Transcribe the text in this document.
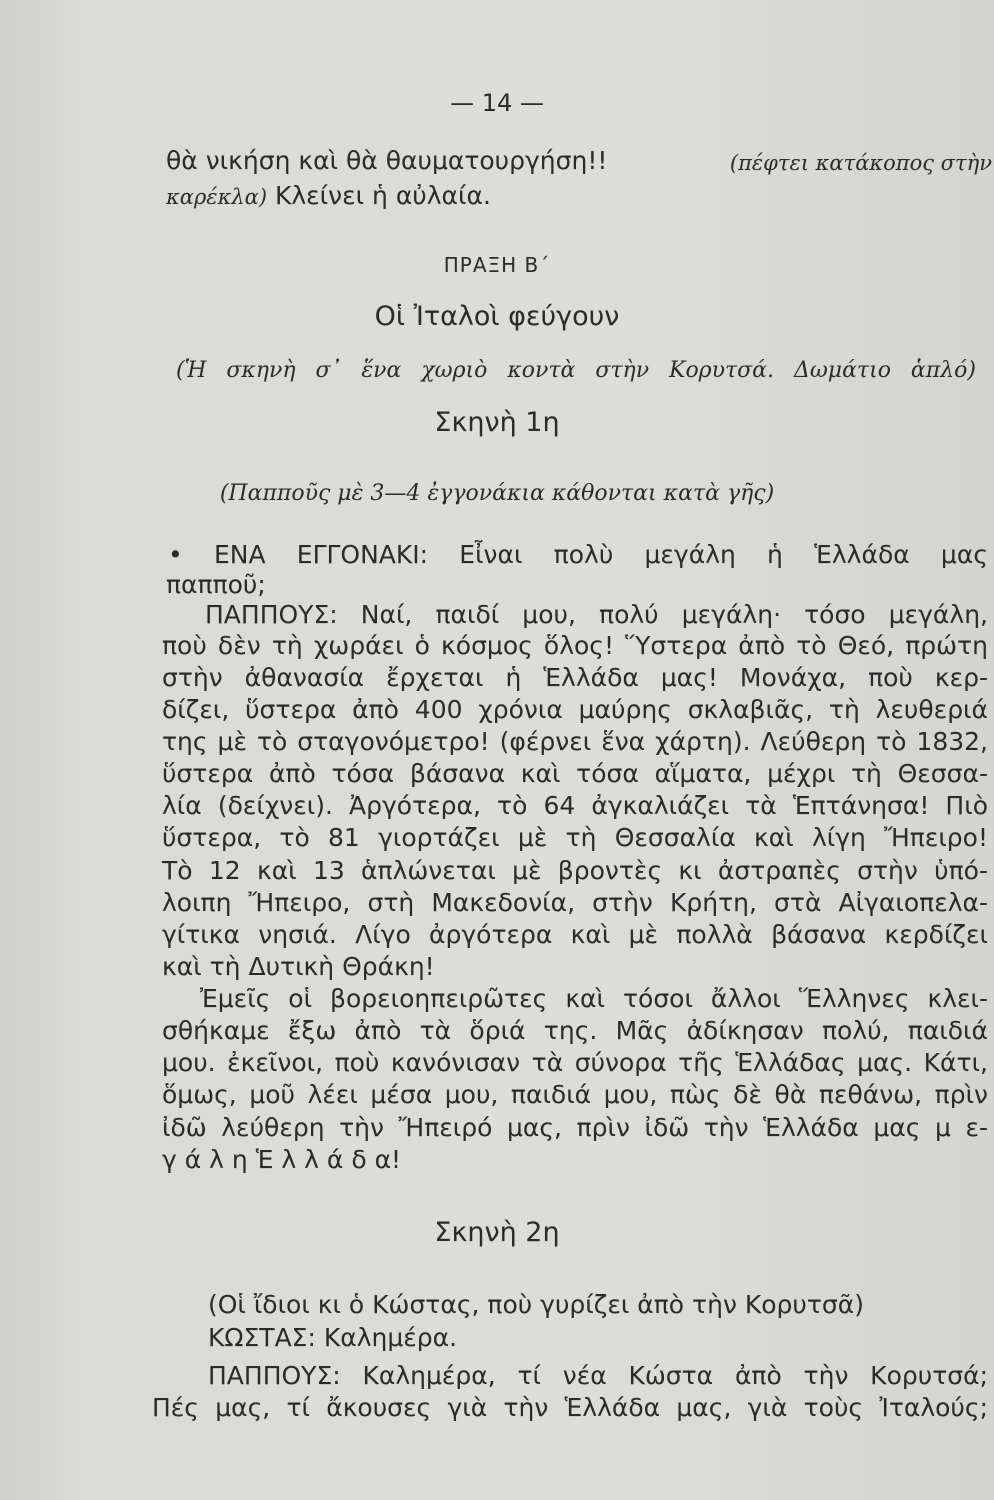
— 14 —
θὰ νικήση καὶ θὰ θαυματουργήση!!	(πέφτει κατάκοπος στὴν
καρέκλα) Κλείνει ἡ αὐλαία.
ΠΡΑΞΗ Β΄
Οἱ Ἰταλοὶ φεύγουν
(Ἡ σκηνὴ σ᾽ ἕνα χωριὸ κοντὰ στὴν Κορυτσά. Δωμάτιο ἁπλό)
Σκηνὴ 1η
(Παπποῦς μὲ 3—4 ἐγγονάκια κάθονται κατὰ γῆς)
• ΕΝΑ ΕΓΓΟΝΑΚΙ: Εἶναι πολὺ μεγάλη ἡ Ἑλλάδα μας
παπποῦ;
ΠΑΠΠΟΥΣ: Ναί, παιδί μου, πολύ μεγάλη· τόσο μεγάλη,
ποὺ δὲν τὴ χωράει ὁ κόσμος ὅλος! Ὕστερα ἀπὸ τὸ Θεό, πρώτη
στὴν ἀθανασία ἔρχεται ἡ Ἑλλάδα μας! Μονάχα, ποὺ κερ-
δίζει, ὕστερα ἀπὸ 400 χρόνια μαύρης σκλαβιᾶς, τὴ λευθεριά
της μὲ τὸ σταγονόμετρο! (φέρνει ἕνα χάρτη). Λεύθερη τὸ 1832,
ὕστερα ἀπὸ τόσα βάσανα καὶ τόσα αἵματα, μέχρι τὴ Θεσσα-
λία (δείχνει). Ἀργότερα, τὸ 64 ἀγκαλιάζει τὰ Ἑπτάνησα! Πιὸ
ὕστερα, τὸ 81 γιορτάζει μὲ τὴ Θεσσαλία καὶ λίγη Ἤπειρο!
Τὸ 12 καὶ 13 ἁπλώνεται μὲ βροντὲς κι ἀστραπὲς στὴν ὑπό-
λοιπη Ἤπειρο, στὴ Μακεδονία, στὴν Κρήτη, στὰ Αἰγαιοπελα-
γίτικα νησιά. Λίγο ἀργότερα καὶ μὲ πολλὰ βάσανα κερδίζει
καὶ τὴ Δυτικὴ Θράκη!
Ἐμεῖς οἱ βορειοηπειρῶτες καὶ τόσοι ἄλλοι Ἕλληνες κλει-
σθήκαμε ἔξω ἀπὸ τὰ ὅριά της. Μᾶς ἀδίκησαν πολύ, παιδιά
μου. ἐκεῖνοι, ποὺ κανόνισαν τὰ σύνορα τῆς Ἑλλάδας μας. Κάτι,
ὅμως, μοῦ λέει μέσα μου, παιδιά μου, πὼς δὲ θὰ πεθάνω, πρὶν
ἰδῶ λεύθερη τὴν Ἤπειρό μας, πρὶν ἰδῶ τὴν Ἑλλάδα μας μ ε-
γ ά λ η Ἑ λ λ ά δ α!
Σκηνὴ 2η
(Οἱ ἴδιοι κι ὁ Κώστας, ποὺ γυρίζει ἀπὸ τὴν Κορυτσᾶ)
ΚΩΣΤΑΣ: Καλημέρα.
ΠΑΠΠΟΥΣ: Καλημέρα, τί νέα Κώστα ἀπὸ τὴν Κορυτσά;
Πές μας, τί ἄκουσες γιὰ τὴν Ἑλλάδα μας, γιὰ τοὺς Ἰταλούς;
